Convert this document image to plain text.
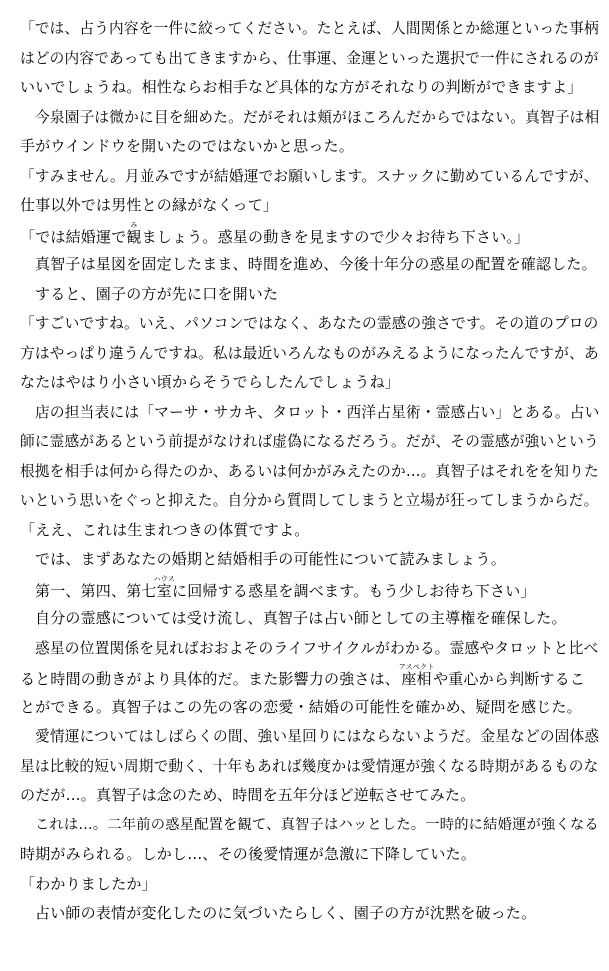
「では、占う内容を一件に絞ってください。たとえば、人間関係とか総運といった事柄
はどの内容であっても出てきますから、仕事運、金運といった選択で一件にされるのが
いいでしょうね。相性ならお相手など具体的な方がそれなりの判断ができますよ」
今泉園子は微かに目を細めた。だがそれは頬がほころんだからではない。真智子は相
手がウインドウを開いたのではないかと思った。
「すみません。月並みですが結婚運でお願いします。スナックに勤めているんですが、
仕事以外では男性との縁がなくって」
「では結婚運で観みましょう。惑星の動きを見ますので少々お待ち下さい。」
真智子は星図を固定したまま、時間を進め、今後十年分の惑星の配置を確認した。
すると、園子の方が先に口を開いた
「すごいですね。いえ、パソコンではなく、あなたの霊感の強さです。その道のプロの
方はやっぱり違うんですね。私は最近いろんなものがみえるようになったんですが、あ
なたはやはり小さい頃からそうでらしたんでしょうね」
店の担当表には「マーサ・サカキ、タロット・西洋占星術・霊感占い」とある。占い
師に霊感があるという前提がなければ虚偽になるだろう。だが、その霊感が強いという
根拠を相手は何から得たのか、あるいは何かがみえたのか…。真智子はそれをを知りた
いという思いをぐっと抑えた。自分から質問してしまうと立場が狂ってしまうからだ。
「ええ、これは生まれつきの体質ですよ。
では、まずあなたの婚期と結婚相手の可能性について読みましょう。
第一、第四、第七室ハウスに回帰する惑星を調べます。もう少しお待ち下さい」
自分の霊感については受け流し、真智子は占い師としての主導権を確保した。
惑星の位置関係を見ればおおよそのライフサイクルがわかる。霊感やタロットと比べ
ると時間の動きがより具体的だ。また影響力の強さは、座相アスペクトや重心から判断するこ
とができる。真智子はこの先の客の恋愛・結婚の可能性を確かめ、疑問を感じた。
愛情運についてはしばらくの間、強い星回りにはならないようだ。金星などの固体惑
星は比較的短い周期で動く、十年もあれば幾度かは愛情運が強くなる時期があるものな
のだが…。真智子は念のため、時間を五年分ほど逆転させてみた。
これは…。二年前の惑星配置を観て、真智子はハッとした。一時的に結婚運が強くなる
時期がみられる。しかし…、その後愛情運が急激に下降していた。
「わかりましたか」
占い師の表情が変化したのに気づいたらしく、園子の方が沈黙を破った。
